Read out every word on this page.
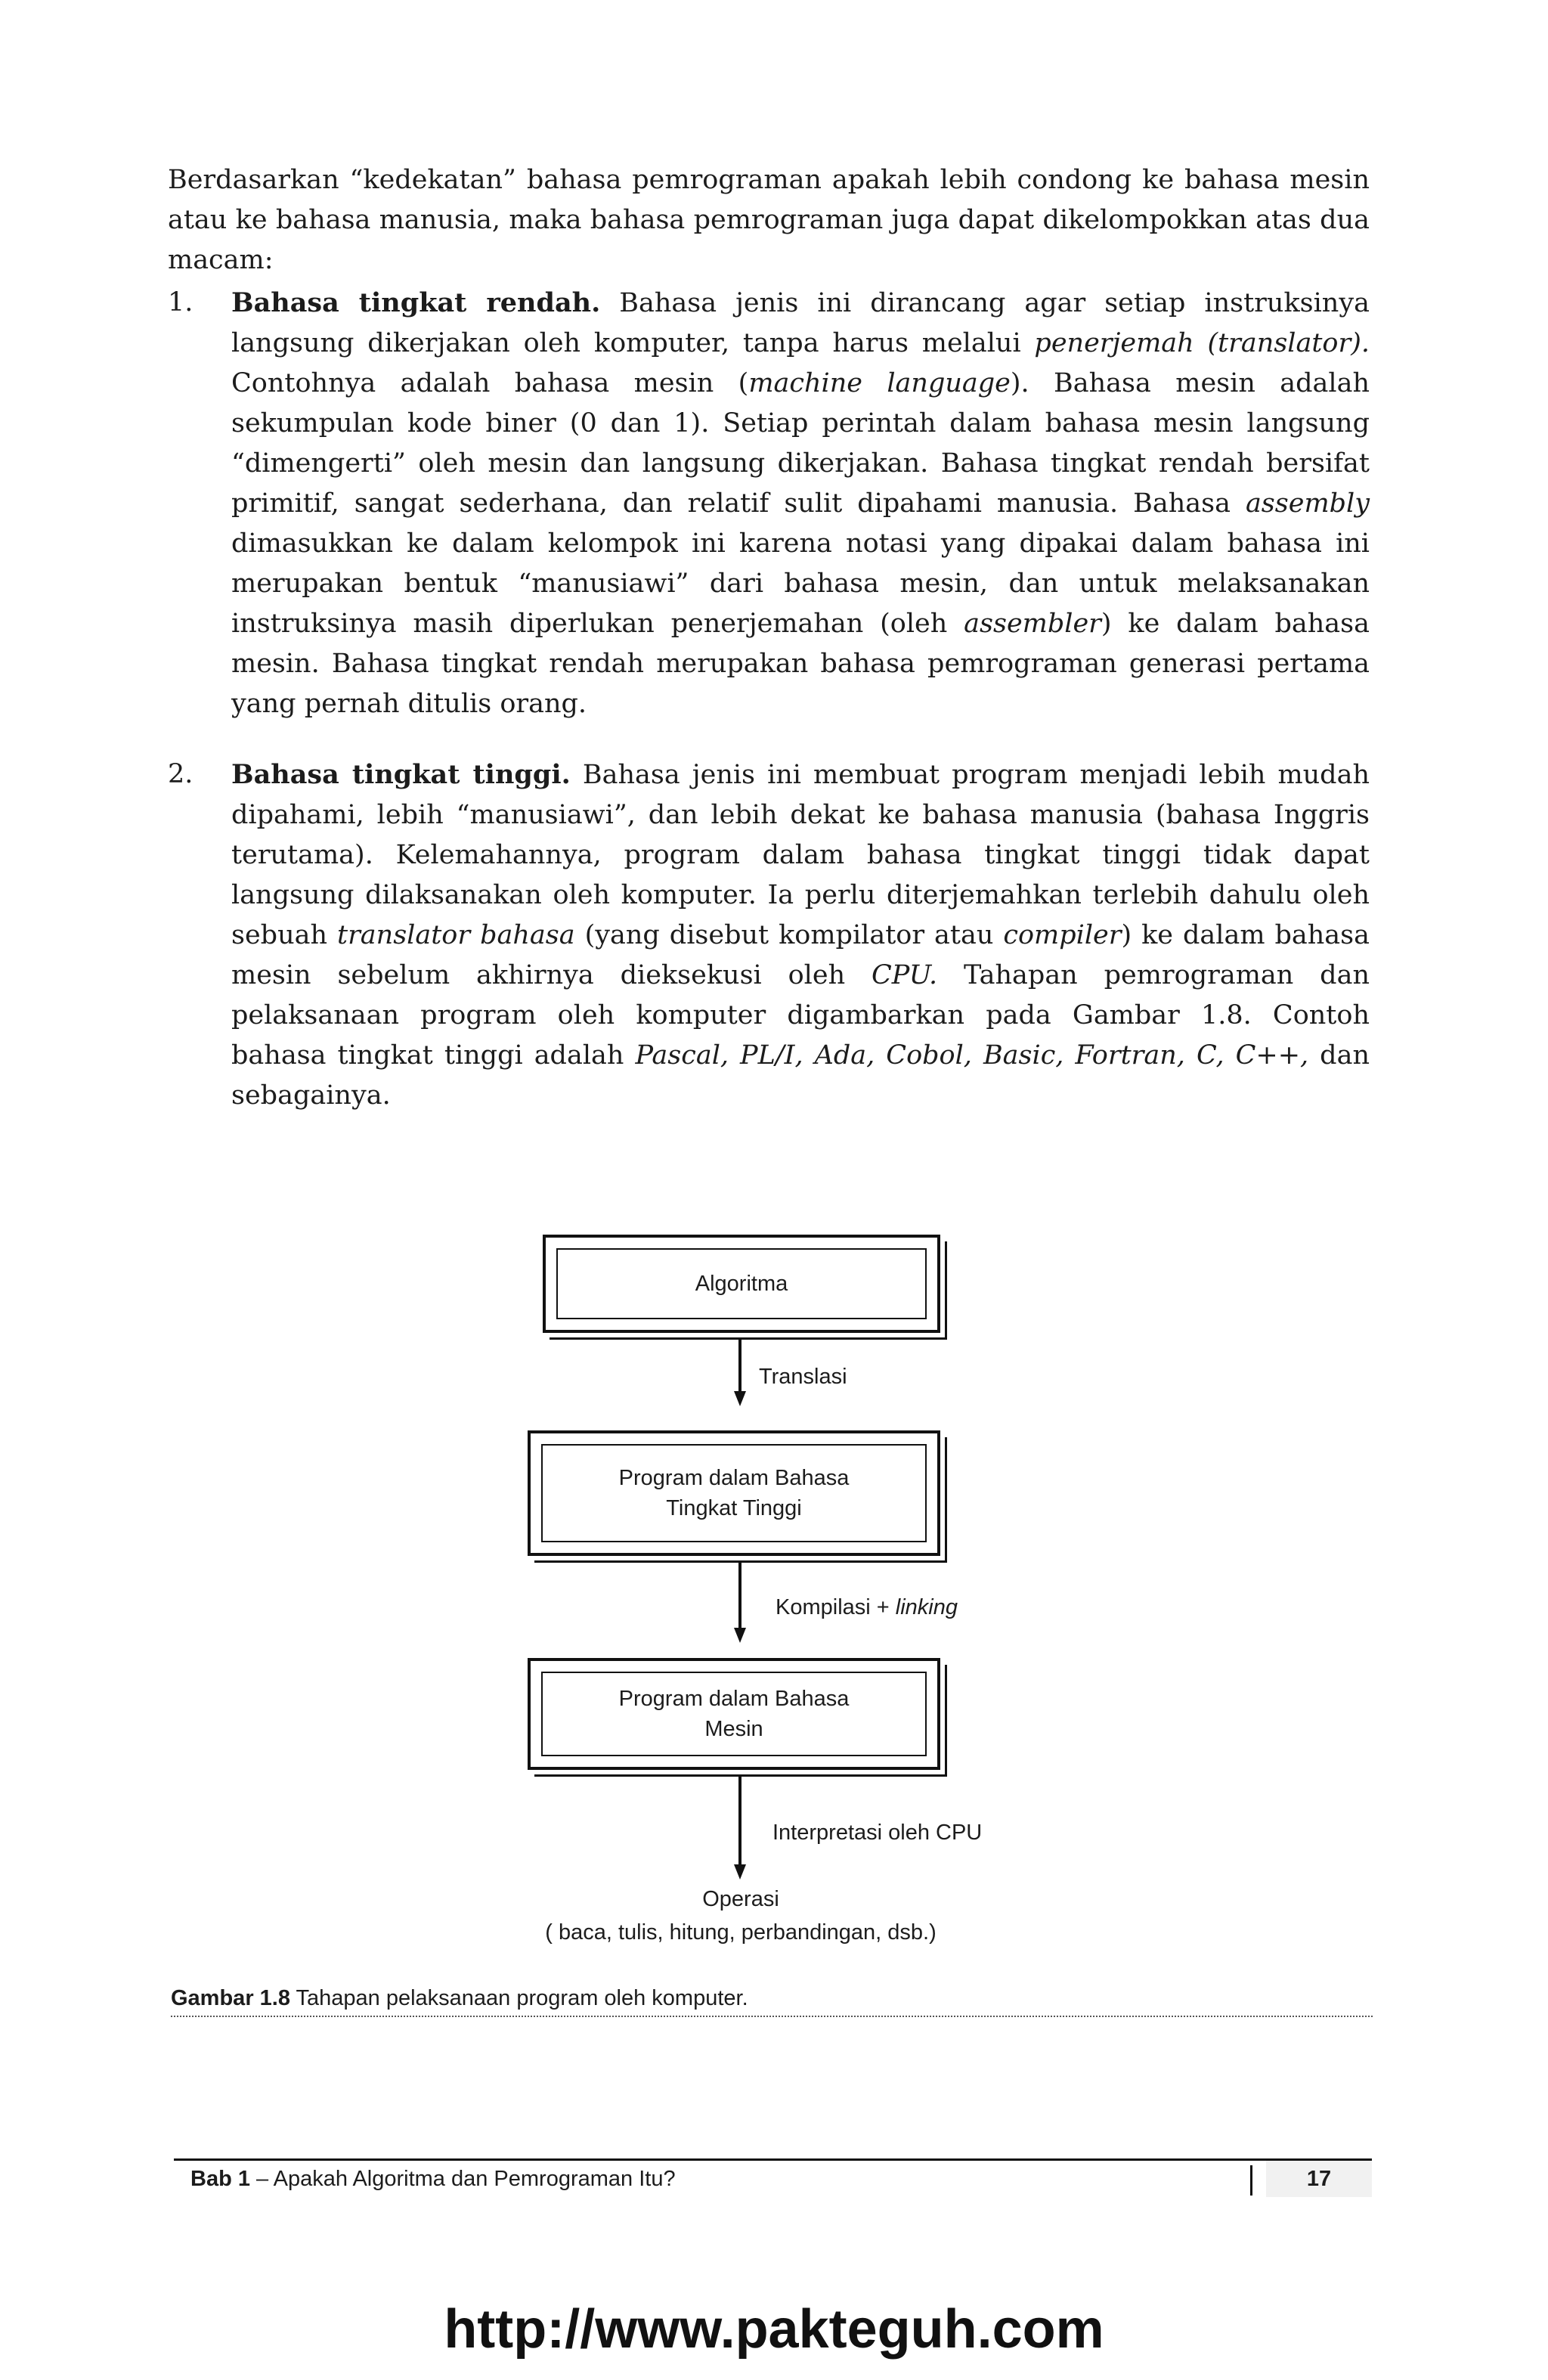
Berdasarkan “kedekatan” bahasa pemrograman apakah lebih condong ke bahasa mesin atau ke bahasa manusia, maka bahasa pemrograman juga dapat dikelompokkan atas dua macam:

1. Bahasa tingkat rendah. Bahasa jenis ini dirancang agar setiap instruksinya langsung dikerjakan oleh komputer, tanpa harus melalui penerjemah (translator). Contohnya adalah bahasa mesin (machine language). Bahasa mesin adalah sekumpulan kode biner (0 dan 1). Setiap perintah dalam bahasa mesin langsung “dimengerti” oleh mesin dan langsung dikerjakan. Bahasa tingkat rendah bersifat primitif, sangat sederhana, dan relatif sulit dipahami manusia. Bahasa assembly dimasukkan ke dalam kelompok ini karena notasi yang dipakai dalam bahasa ini merupakan bentuk “manusiawi” dari bahasa mesin, dan untuk melaksanakan instruksinya masih diperlukan penerjemahan (oleh assembler) ke dalam bahasa mesin. Bahasa tingkat rendah merupakan bahasa pemrograman generasi pertama yang pernah ditulis orang.
2. Bahasa tingkat tinggi. Bahasa jenis ini membuat program menjadi lebih mudah dipahami, lebih “manusiawi”, dan lebih dekat ke bahasa manusia (bahasa Inggris terutama). Kelemahannya, program dalam bahasa tingkat tinggi tidak dapat langsung dilaksanakan oleh komputer. Ia perlu diterjemahkan terlebih dahulu oleh sebuah translator bahasa (yang disebut kompilator atau compiler) ke dalam bahasa mesin sebelum akhirnya dieksekusi oleh CPU. Tahapan pemrograman dan pelaksanaan program oleh komputer digambarkan pada Gambar 1.8. Contoh bahasa tingkat tinggi adalah Pascal, PL/I, Ada, Cobol, Basic, Fortran, C, C++, dan sebagainya.
Algoritma
Translasi
Program dalam Bahasa
Tingkat Tinggi
Kompilasi + linking
Program dalam Bahasa
Mesin
Interpretasi oleh CPU
Operasi
( baca, tulis, hitung, perbandingan, dsb.)
Gambar 1.8 Tahapan pelaksanaan program oleh komputer.
Bab 1 – Apakah Algoritma dan Pemrograman Itu?	17
http://www.pakteguh.com
